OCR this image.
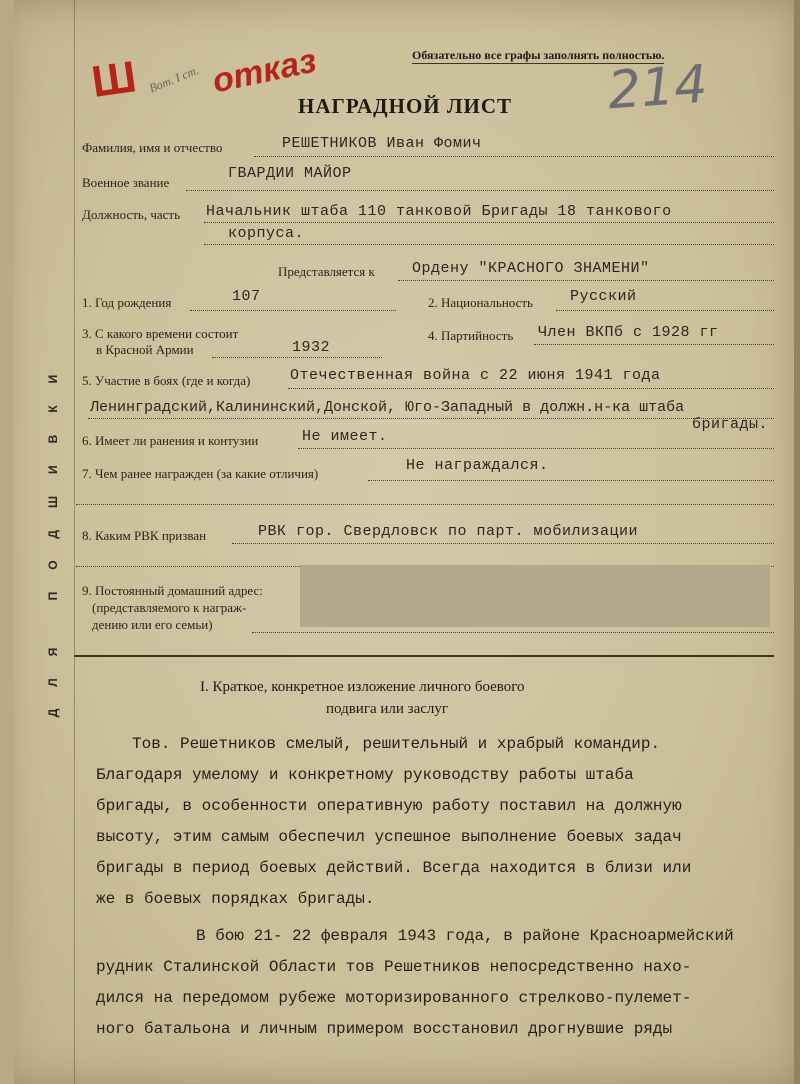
Обязательно все графы заполнять полностью.
214
Ш Вот. I ст. отказ
НАГРАДНОЙ ЛИСТ
Фамилия, имя и отчество	РЕШЕТНИКОВ Иван Фомич
Военное звание
ГВАРДИИ МАЙОР
Должность, часть Начальник штаба 110 танковой Бригады 18 танкового
корпуса.
Представляется к Ордену "КРАСНОГО ЗНАМЕНИ"
1. Год рождения	107	2. Национальность Русский
3. С какого времени состоит
в Красной Армии	1932
4. Партийность Член ВКПб с 1928 гг
5. Участие в боях (где и когда)	Отечественная война с 22 июня 1941 года
Ленинградский,Калининский,Донской, Юго-Западный в должн.н-ка штаба
бригады.
6. Имеет ли ранения и контузии	Не имеет.
7. Чем ранее награжден (за какие отличия)	Не награждался.
8. Каким РВК призван	РВК гор. Свердловск по парт. мобилизации
9. Постоянный домашний адрес:
(представляемого к награж-
дению или его семьи)
ДЛЯ ПОДШИВКИ	I. Краткое, конкретное изложение личного боевого
подвига или заслуг

Тов. Решетников смелый, решительный и храбрый командир.

Благодаря умелому и конкретному руководству работы штаба

бригады, в особенности оперативную работу поставил на должную

высоту, этим самым обеспечил успешное выполнение боевых задач

бригады в период боевых действий. Всегда находится в близи или

же в боевых порядках бригады.

В бою 21- 22 февраля 1943 года, в районе Красноармейский

рудник Сталинской Области тов Решетников непосредственно нахо-

дился на передомом рубеже моторизированного стрелково-пулемет-

ного батальона и личным примером восстановил дрогнувшие ряды
